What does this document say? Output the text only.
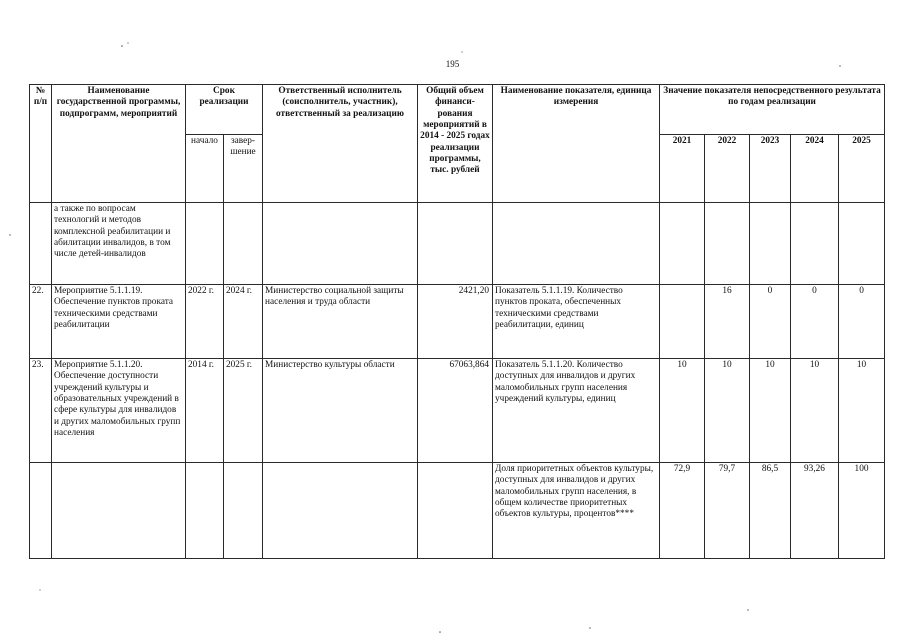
195
№ п/п	Наименование государственной программы, подпрограмм, мероприятий	Срок реализации		Ответственный исполнитель (соисполнитель, участник), ответственный за реализацию	Общий объем финанси-рования мероприятий в 2014 - 2025 годах реализации программы, тыс. рублей	Наименование показателя, единица измерения	Значение показателя непосредственного результата по годам реализации				
		начало	завер-шение				2021	2022	2023	2024	2025
	а также по вопросам технологий и методов комплексной реабилитации и абилитации инвалидов, в том числе детей-инвалидов										
22.	Мероприятие 5.1.1.19. Обеспечение пунктов проката техническими средствами реабилитации	2022 г.	2024 г.	Министерство социальной защиты населения и труда области	2421,20	Показатель 5.1.1.19. Количество пунктов проката, обеспеченных техническими средствами реабилитации, единиц		16	0	0	0
23.	Мероприятие 5.1.1.20. Обеспечение доступности учреждений культуры и образовательных учреждений в сфере культуры для инвалидов и других маломобильных групп населения	2014 г.	2025 г.	Министерство культуры области	67063,864	Показатель 5.1.1.20. Количество доступных для инвалидов и других маломобильных групп населения учреждений культуры, единиц	10	10	10	10	10
						Доля приоритетных объектов культуры, доступных для инвалидов и других маломобильных групп населения, в общем количестве приоритетных объектов культуры, процентов****	72,9	79,7	86,5	93,26	100
